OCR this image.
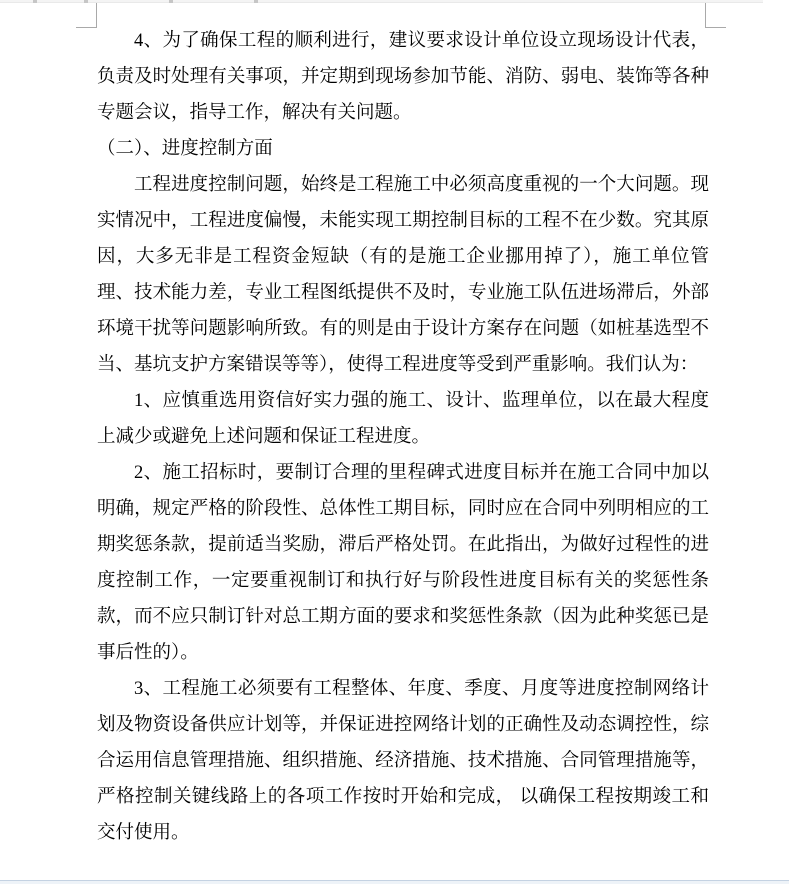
4、为了确保工程的顺利进行，建议要求设计单位设立现场设计代表，负责及时处理有关事项，并定期到现场参加节能、消防、弱电、装饰等各种专题会议，指导工作，解决有关问题。

（二）、进度控制方面

工程进度控制问题，始终是工程施工中必须高度重视的一个大问题。现实情况中，工程进度偏慢，未能实现工期控制目标的工程不在少数。究其原因，大多无非是工程资金短缺（有的是施工企业挪用掉了），施工单位管理、技术能力差，专业工程图纸提供不及时，专业施工队伍进场滞后，外部环境干扰等问题影响所致。有的则是由于设计方案存在问题（如桩基选型不当、基坑支护方案错误等等），使得工程进度等受到严重影响。我们认为：

1、应慎重选用资信好实力强的施工、设计、监理单位，以在最大程度上减少或避免上述问题和保证工程进度。

2、施工招标时，要制订合理的里程碑式进度目标并在施工合同中加以明确，规定严格的阶段性、总体性工期目标，同时应在合同中列明相应的工期奖惩条款，提前适当奖励，滞后严格处罚。在此指出，为做好过程性的进度控制工作，一定要重视制订和执行好与阶段性进度目标有关的奖惩性条款，而不应只制订针对总工期方面的要求和奖惩性条款（因为此种奖惩已是事后性的）。

3、工程施工必须要有工程整体、年度、季度、月度等进度控制网络计划及物资设备供应计划等，并保证进控网络计划的正确性及动态调控性，综合运用信息管理措施、组织措施、经济措施、技术措施、合同管理措施等，严格控制关键线路上的各项工作按时开始和完成， 以确保工程按期竣工和交付使用。
